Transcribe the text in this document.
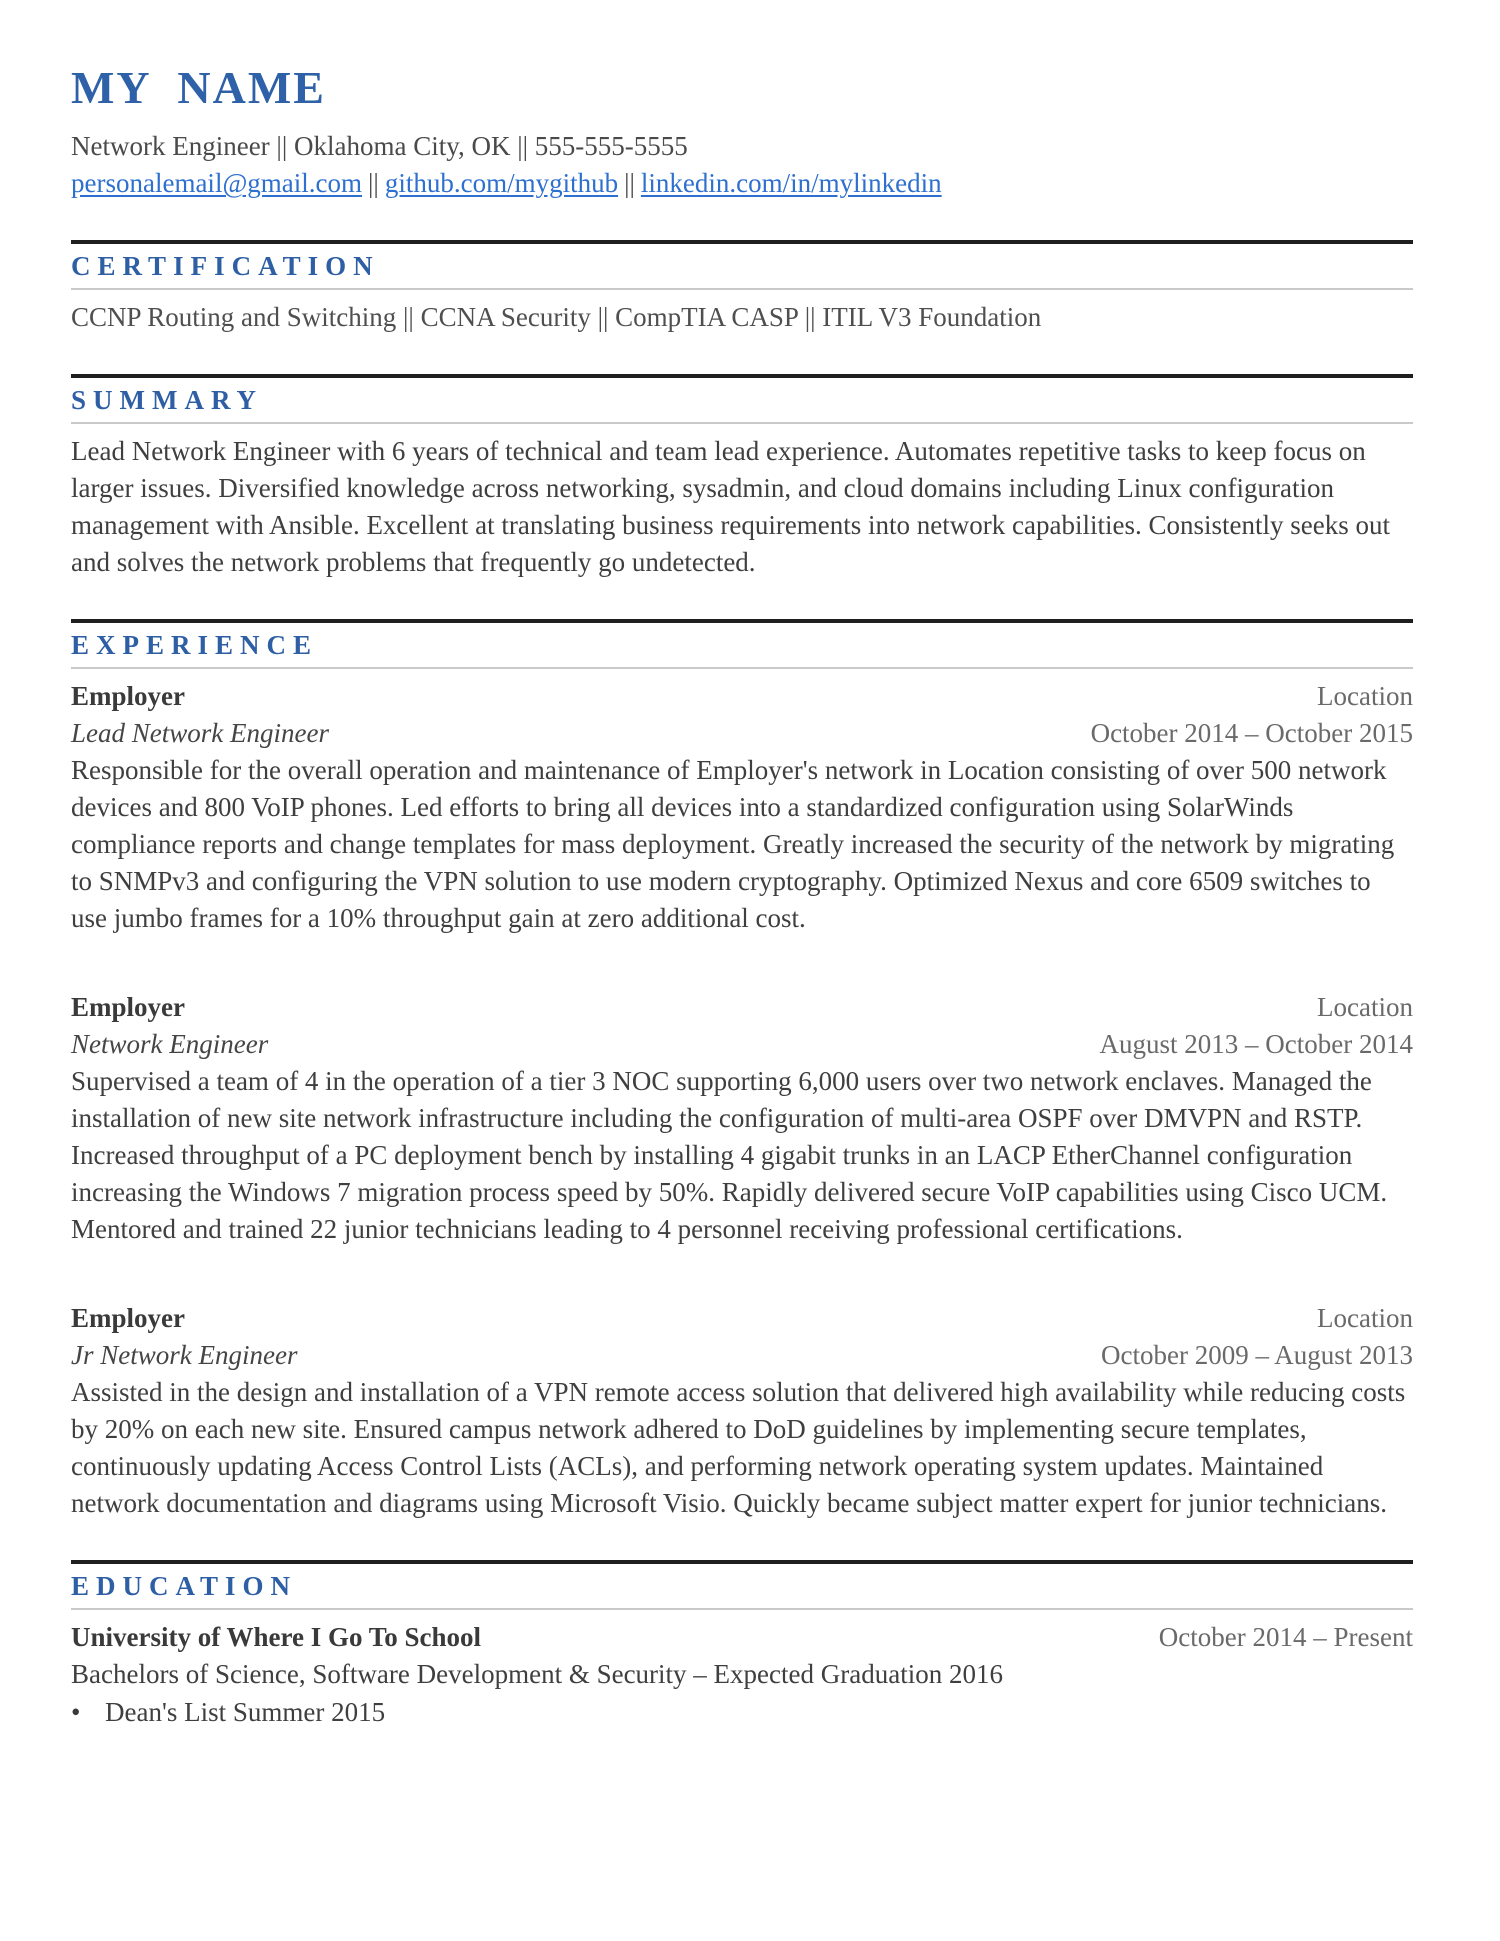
MY NAME
Network Engineer || Oklahoma City, OK || 555-555-5555
personalemail@gmail.com || github.com/mygithub || linkedin.com/in/mylinkedin
CERTIFICATION
CCNP Routing and Switching || CCNA Security || CompTIA CASP || ITIL V3 Foundation
SUMMARY

Lead Network Engineer with 6 years of technical and team lead experience. Automates repetitive tasks to keep focus on larger issues. Diversified knowledge across networking, sysadmin, and cloud domains including Linux configuration management with Ansible. Excellent at translating business requirements into network capabilities. Consistently seeks out and solves the network problems that frequently go undetected.

EXPERIENCE
Employer	Location
Lead Network Engineer	October 2014 – October 2015

Responsible for the overall operation and maintenance of Employer's network in Location consisting of over 500 network devices and 800 VoIP phones. Led efforts to bring all devices into a standardized configuration using SolarWinds compliance reports and change templates for mass deployment. Greatly increased the security of the network by migrating to SNMPv3 and configuring the VPN solution to use modern cryptography. Optimized Nexus and core 6509 switches to use jumbo frames for a 10% throughput gain at zero additional cost.

Employer	Location
Network Engineer	August 2013 – October 2014

Supervised a team of 4 in the operation of a tier 3 NOC supporting 6,000 users over two network enclaves. Managed the installation of new site network infrastructure including the configuration of multi-area OSPF over DMVPN and RSTP. Increased throughput of a PC deployment bench by installing 4 gigabit trunks in an LACP EtherChannel configuration increasing the Windows 7 migration process speed by 50%. Rapidly delivered secure VoIP capabilities using Cisco UCM. Mentored and trained 22 junior technicians leading to 4 personnel receiving professional certifications.

Employer	Location
Jr Network Engineer	October 2009 – August 2013

Assisted in the design and installation of a VPN remote access solution that delivered high availability while reducing costs by 20% on each new site. Ensured campus network adhered to DoD guidelines by implementing secure templates, continuously updating Access Control Lists (ACLs), and performing network operating system updates. Maintained network documentation and diagrams using Microsoft Visio. Quickly became subject matter expert for junior technicians.

EDUCATION
University of Where I Go To School	October 2014 – Present
Bachelors of Science, Software Development & Security – Expected Graduation 2016
• Dean's List Summer 2015
